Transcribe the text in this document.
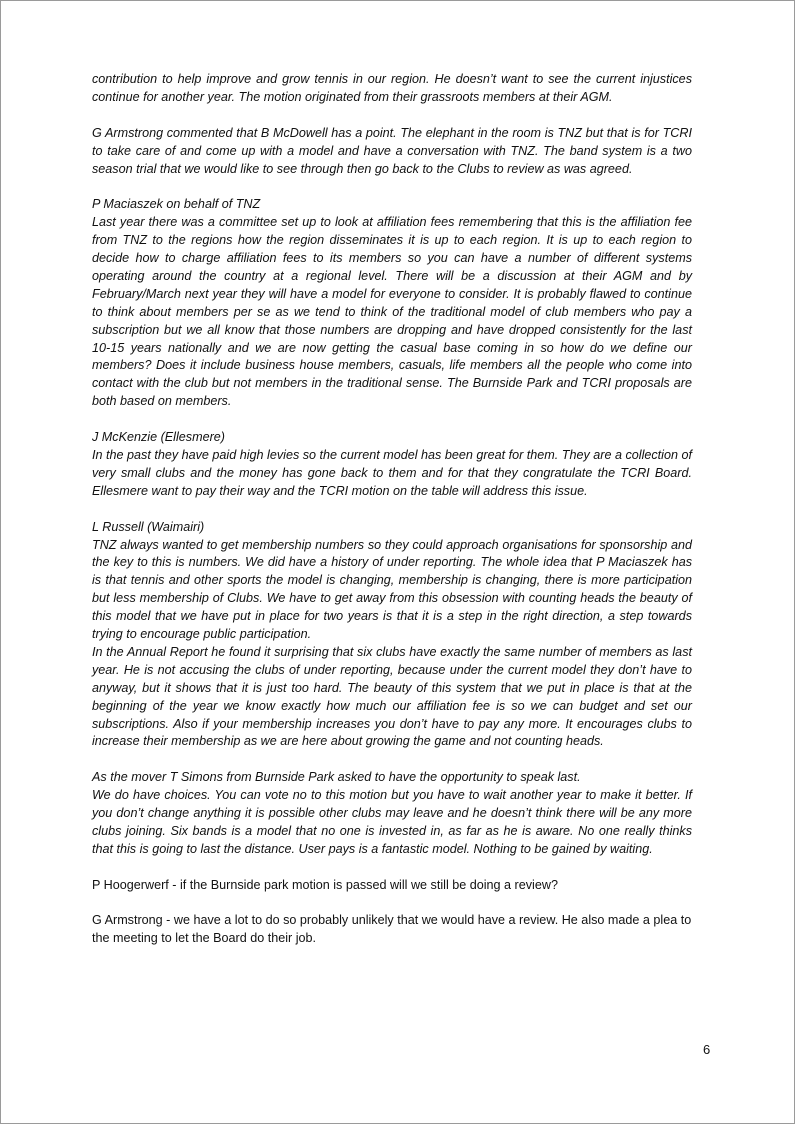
contribution to help improve and grow tennis in our region. He doesn’t want to see the current injustices continue for another year. The motion originated from their grassroots members at their AGM.

G Armstrong commented that B McDowell has a point. The elephant in the room is TNZ but that is for TCRI to take care of and come up with a model and have a conversation with TNZ. The band system is a two season trial that we would like to see through then go back to the Clubs to review as was agreed.

P Maciaszek on behalf of TNZ
Last year there was a committee set up to look at affiliation fees remembering that this is the affiliation fee from TNZ to the regions how the region disseminates it is up to each region. It is up to each region to decide how to charge affiliation fees to its members so you can have a number of different systems operating around the country at a regional level. There will be a discussion at their AGM and by February/March next year they will have a model for everyone to consider. It is probably flawed to continue to think about members per se as we tend to think of the traditional model of club members who pay a subscription but we all know that those numbers are dropping and have dropped consistently for the last 10-15 years nationally and we are now getting the casual base coming in so how do we define our members? Does it include business house members, casuals, life members all the people who come into contact with the club but not members in the traditional sense. The Burnside Park and TCRI proposals are both based on members.
J McKenzie (Ellesmere)
In the past they have paid high levies so the current model has been great for them. They are a collection of very small clubs and the money has gone back to them and for that they congratulate the TCRI Board. Ellesmere want to pay their way and the TCRI motion on the table will address this issue.
L Russell (Waimairi)
TNZ always wanted to get membership numbers so they could approach organisations for sponsorship and the key to this is numbers. We did have a history of under reporting. The whole idea that P Maciaszek has is that tennis and other sports the model is changing, membership is changing, there is more participation but less membership of Clubs. We have to get away from this obsession with counting heads the beauty of this model that we have put in place for two years is that it is a step in the right direction, a step towards trying to encourage public participation.
In the Annual Report he found it surprising that six clubs have exactly the same number of members as last year. He is not accusing the clubs of under reporting, because under the current model they don’t have to anyway, but it shows that it is just too hard. The beauty of this system that we put in place is that at the beginning of the year we know exactly how much our affiliation fee is so we can budget and set our subscriptions. Also if your membership increases you don’t have to pay any more. It encourages clubs to increase their membership as we are here about growing the game and not counting heads.
As the mover T Simons from Burnside Park asked to have the opportunity to speak last.
We do have choices. You can vote no to this motion but you have to wait another year to make it better. If you don’t change anything it is possible other clubs may leave and he doesn’t think there will be any more clubs joining. Six bands is a model that no one is invested in, as far as he is aware. No one really thinks that this is going to last the distance. User pays is a fantastic model. Nothing to be gained by waiting.

P Hoogerwerf - if the Burnside park motion is passed will we still be doing a review?

G Armstrong - we have a lot to do so probably unlikely that we would have a review. He also made a plea to the meeting to let the Board do their job.

6
